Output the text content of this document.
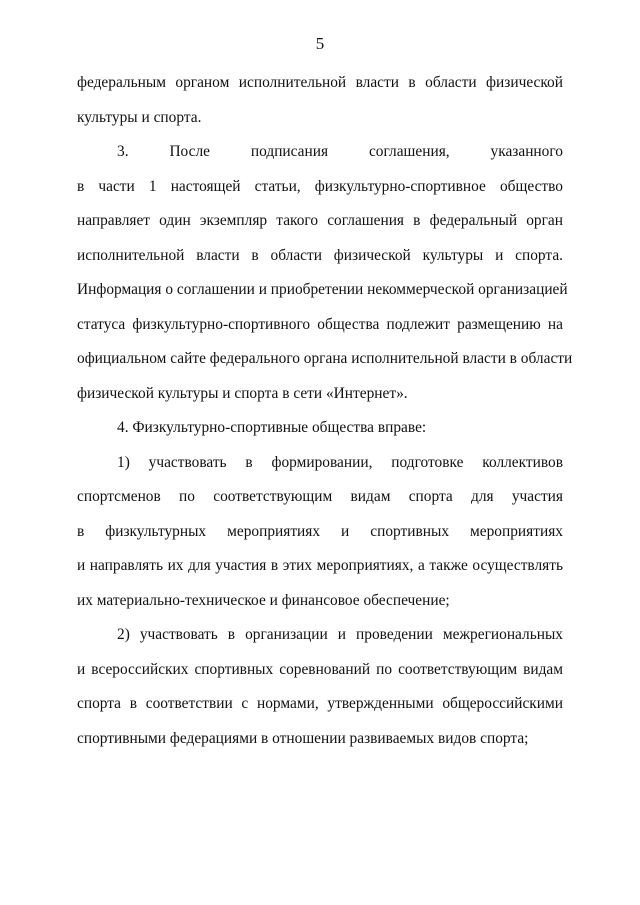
5
федеральным органом исполнительной власти в области физической
культуры и спорта.
3. После подписания соглашения, указанного
в части 1 настоящей статьи, физкультурно-спортивное общество
направляет один экземпляр такого соглашения в федеральный орган
исполнительной власти в области физической культуры и спорта.
Информация о соглашении и приобретении некоммерческой организацией
статуса физкультурно-спортивного общества подлежит размещению на
официальном сайте федерального органа исполнительной власти в области
физической культуры и спорта в сети «Интернет».
4. Физкультурно-спортивные общества вправе:
1) участвовать в формировании, подготовке коллективов
спортсменов по соответствующим видам спорта для участия
в физкультурных мероприятиях и спортивных мероприятиях
и направлять их для участия в этих мероприятиях, а также осуществлять
их материально-техническое и финансовое обеспечение;
2) участвовать в организации и проведении межрегиональных
и всероссийских спортивных соревнований по соответствующим видам
спорта в соответствии с нормами, утвержденными общероссийскими
спортивными федерациями в отношении развиваемых видов спорта;
